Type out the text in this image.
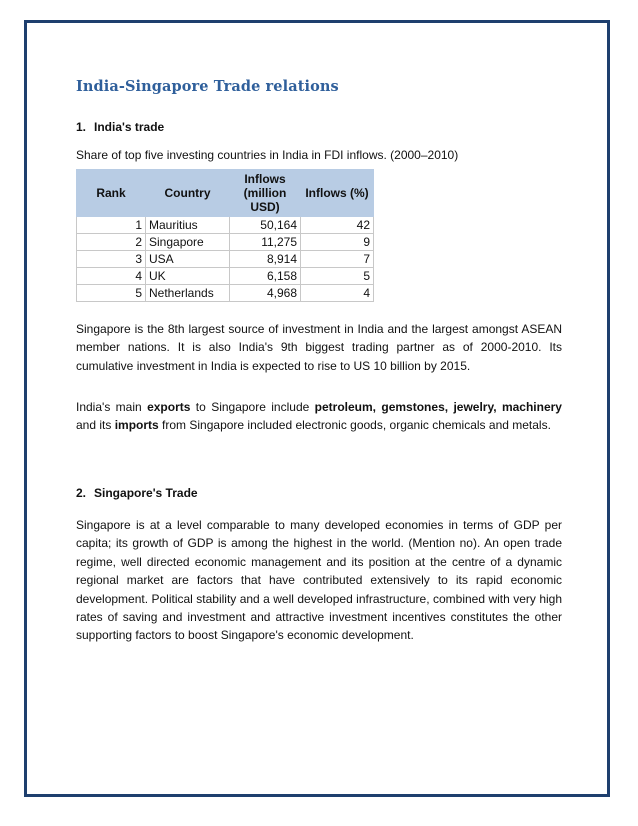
India-Singapore Trade relations
1. India's trade
Share of top five investing countries in India in FDI inflows. (2000–2010)
Rank	Country	Inflows (million USD)	Inflows (%)
1	Mauritius	50,164	42
2	Singapore	11,275	9
3	USA	8,914	7
4	UK	6,158	5
5	Netherlands	4,968	4
Singapore is the 8th largest source of investment in India and the largest amongst ASEAN member nations. It is also India's 9th biggest trading partner as of 2000-2010. Its cumulative investment in India is expected to rise to US 10 billion by 2015.
India's main exports to Singapore include petroleum, gemstones, jewelry, machinery and its imports from Singapore included electronic goods, organic chemicals and metals.
2. Singapore's Trade
Singapore is at a level comparable to many developed economies in terms of GDP per capita; its growth of GDP is among the highest in the world. (Mention no). An open trade regime, well directed economic management and its position at the centre of a dynamic regional market are factors that have contributed extensively to its rapid economic development. Political stability and a well developed infrastructure, combined with very high rates of saving and investment and attractive investment incentives constitutes the other supporting factors to boost Singapore's economic development.
